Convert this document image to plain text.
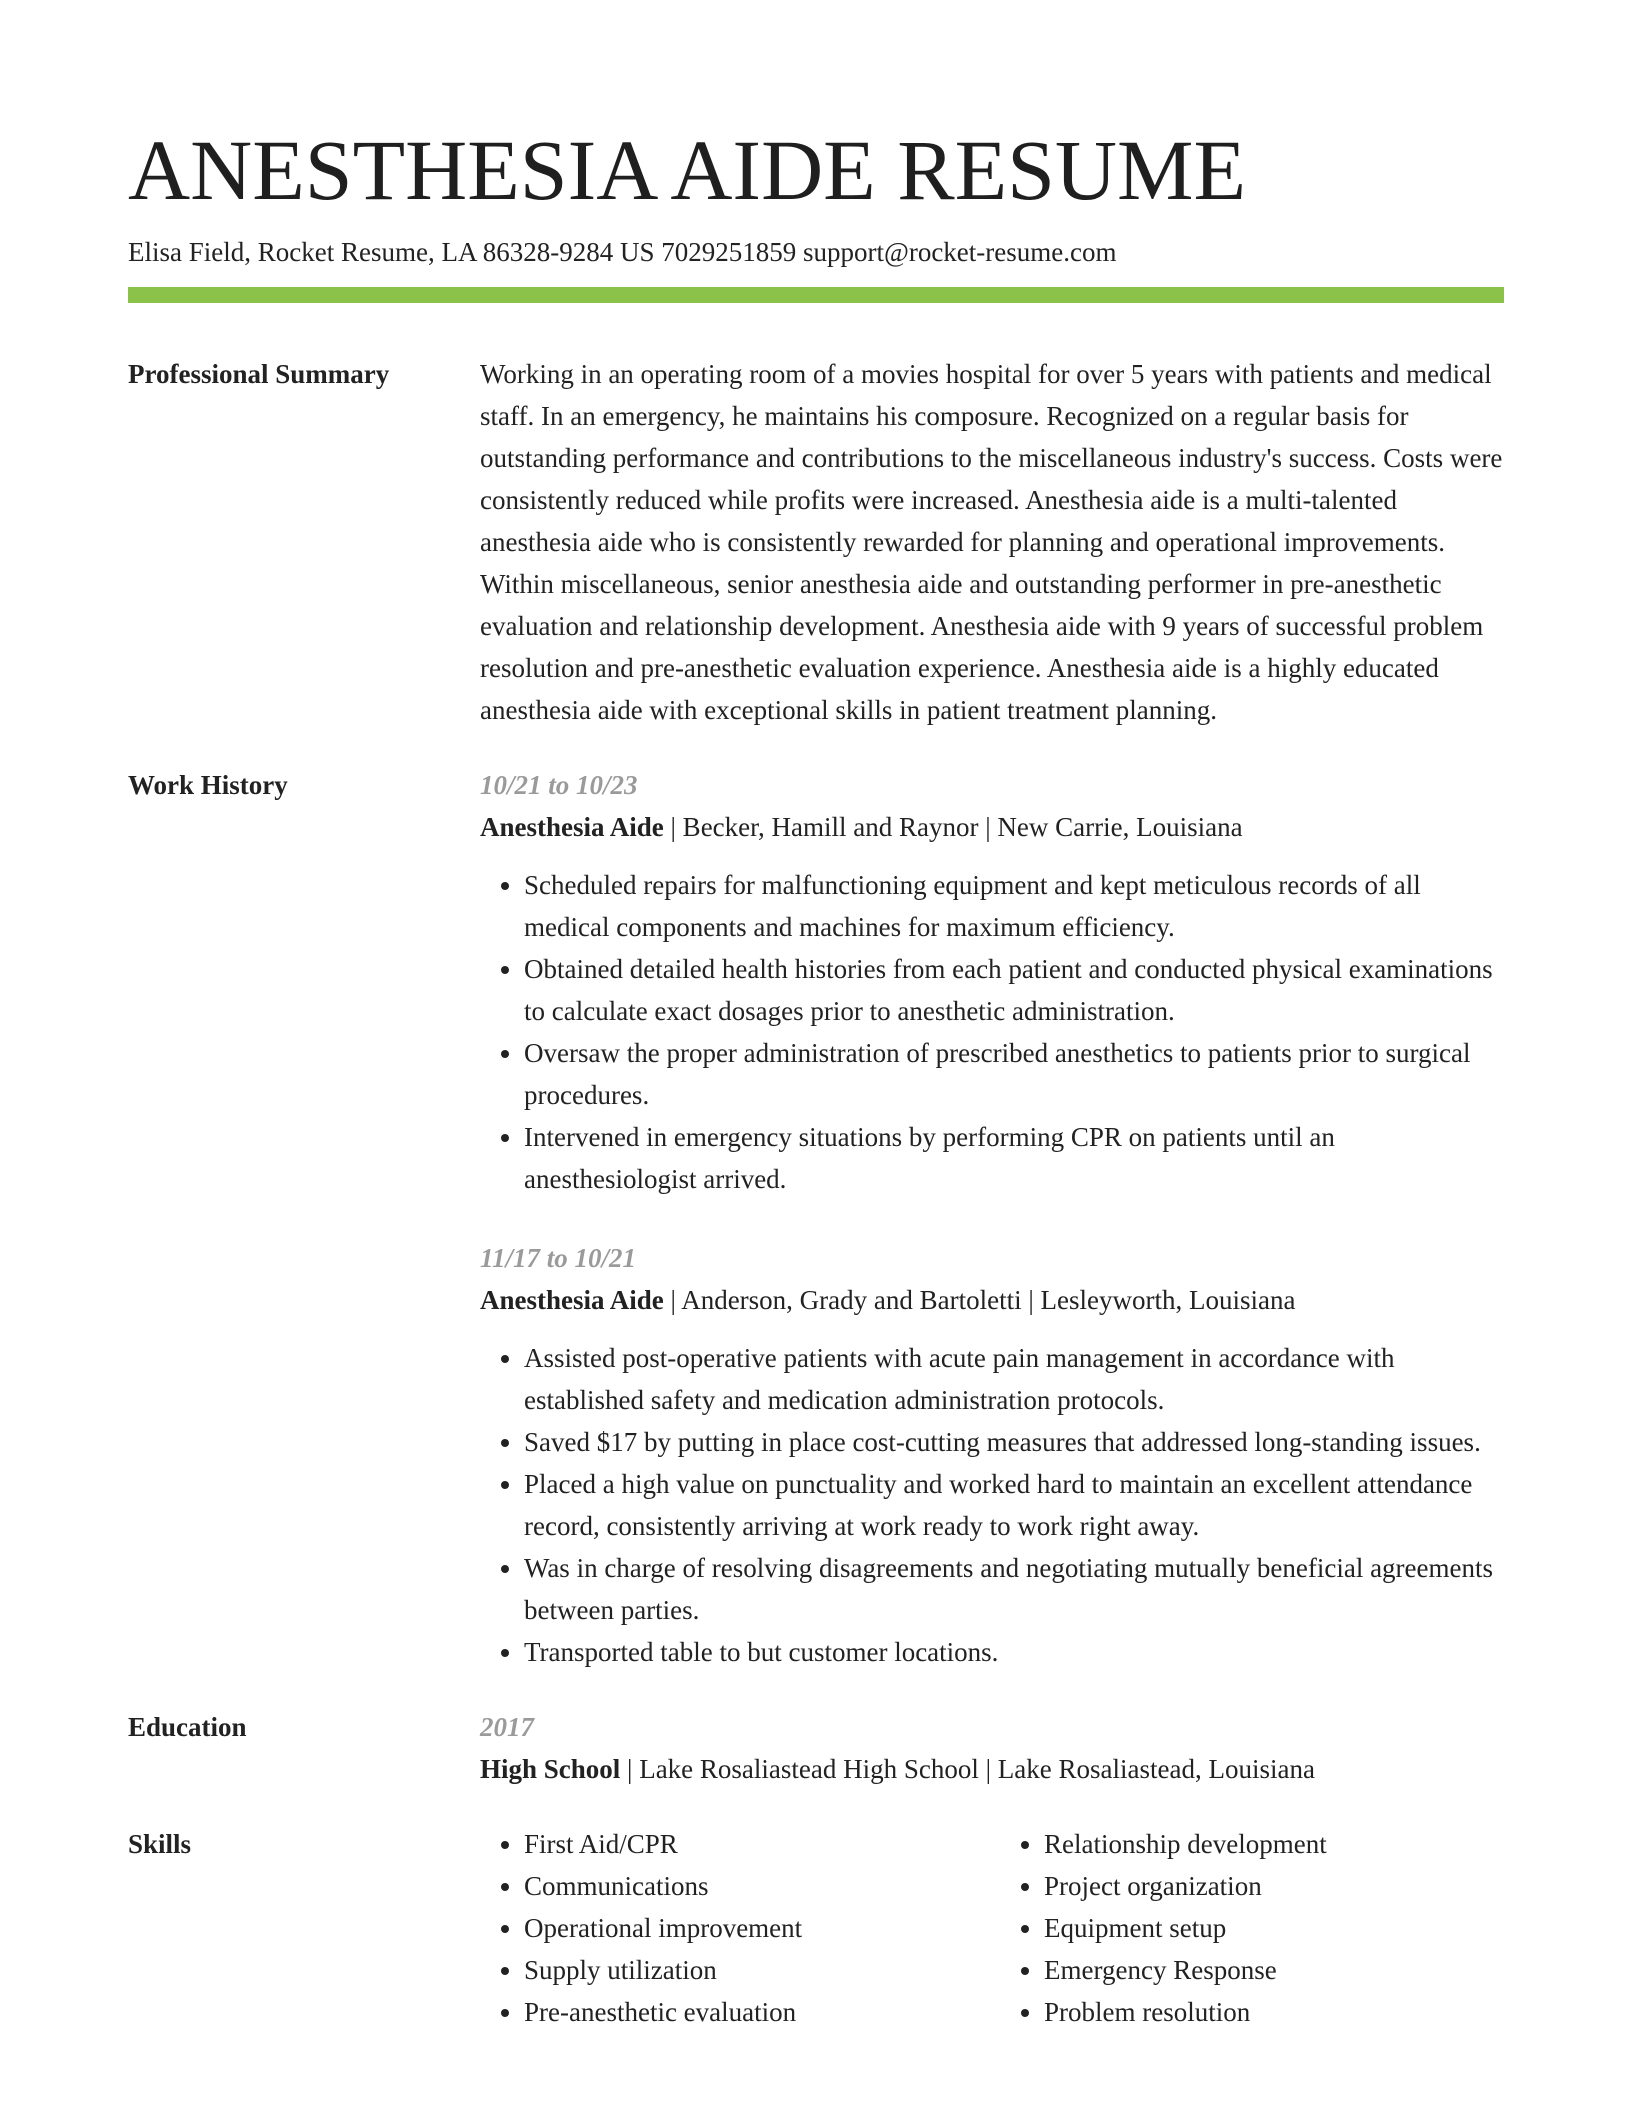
ANESTHESIA AIDE RESUME
Elisa Field, Rocket Resume, LA 86328-9284 US 7029251859 support@rocket-resume.com
Professional Summary	Working in an operating room of a movies hospital for over 5 years with patients and medical staff. In an emergency, he maintains his composure. Recognized on a regular basis for outstanding performance and contributions to the miscellaneous industry's success. Costs were consistently reduced while profits were increased. Anesthesia aide is a multi-talented anesthesia aide who is consistently rewarded for planning and operational improvements. Within miscellaneous, senior anesthesia aide and outstanding performer in pre-anesthetic evaluation and relationship development. Anesthesia aide with 9 years of successful problem resolution and pre-anesthetic evaluation experience. Anesthesia aide is a highly educated anesthesia aide with exceptional skills in patient treatment planning.

Work History	10/21 to 10/23
Anesthesia Aide | Becker, Hamill and Raynor | New Carrie, Louisiana
• Scheduled repairs for malfunctioning equipment and kept meticulous records of all medical components and machines for maximum efficiency.
• Obtained detailed health histories from each patient and conducted physical examinations to calculate exact dosages prior to anesthetic administration.
• Oversaw the proper administration of prescribed anesthetics to patients prior to surgical procedures.
• Intervened in emergency situations by performing CPR on patients until an anesthesiologist arrived.
11/17 to 10/21
Anesthesia Aide | Anderson, Grady and Bartoletti | Lesleyworth, Louisiana
• Assisted post-operative patients with acute pain management in accordance with established safety and medication administration protocols.
• Saved $17 by putting in place cost-cutting measures that addressed long-standing issues.
• Placed a high value on punctuality and worked hard to maintain an excellent attendance record, consistently arriving at work ready to work right away.
• Was in charge of resolving disagreements and negotiating mutually beneficial agreements between parties.
• Transported table to but customer locations.
Education	2017
High School | Lake Rosaliastead High School | Lake Rosaliastead, Louisiana
Skills
•	First Aid/CPR
• Communications
• Operational improvement
• Supply utilization
• Pre-anesthetic evaluation
• Relationship development
• Project organization
• Equipment setup
• Emergency Response
• Problem resolution
